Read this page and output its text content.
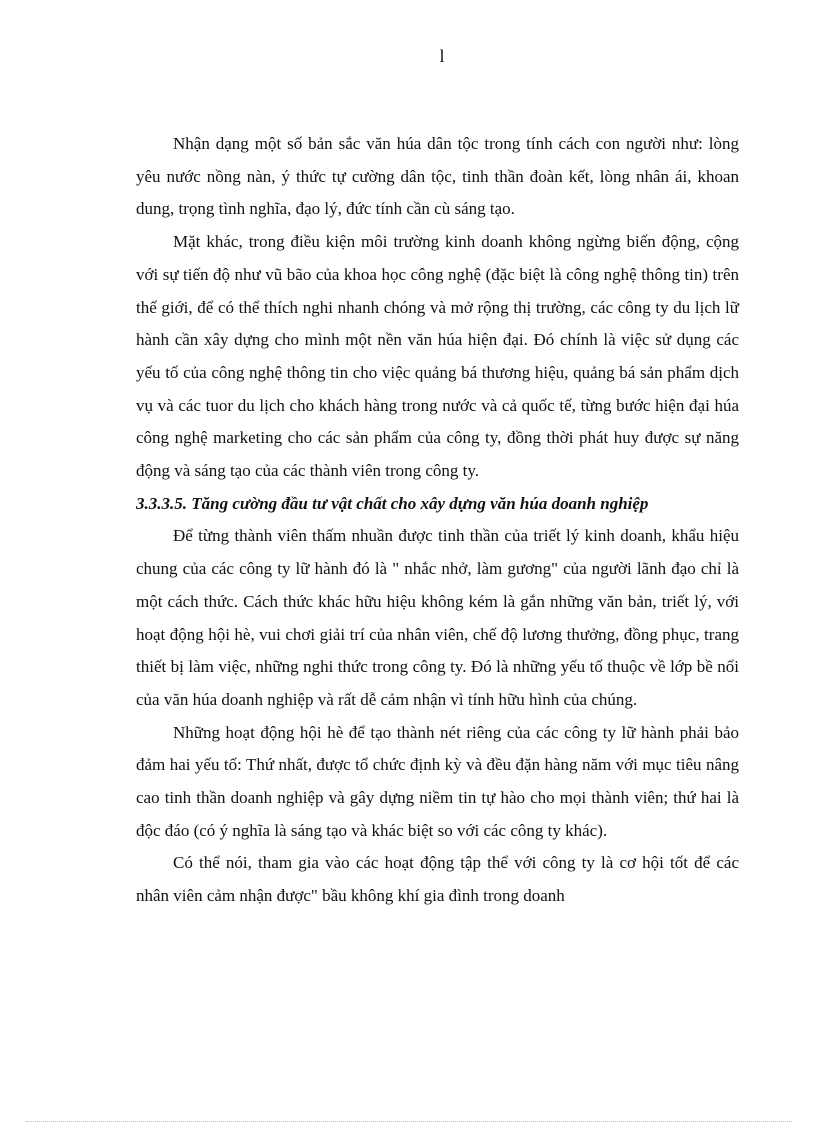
l

Nhận dạng một số bản sắc văn húa dân tộc trong tính cách con người như: lòng yêu nước nồng nàn, ý thức tự cường dân tộc, tinh thần đoàn kết, lòng nhân ái, khoan dung, trọng tình nghĩa, đạo lý, đức tính cần cù sáng tạo.

Mặt khác, trong điều kiện môi trường kinh doanh không ngừng biến động, cộng với sự tiến độ như vũ bão của khoa học công nghệ (đặc biệt là công nghệ thông tin) trên thế giới, để có thể thích nghi nhanh chóng và mở rộng thị trường, các công ty du lịch lữ hành cần xây dựng cho mình một nền văn húa hiện đại. Đó chính là việc sử dụng các yếu tố của công nghệ thông tin cho việc quảng bá thương hiệu, quảng bá sản phẩm dịch vụ và các tuor du lịch cho khách hàng trong nước và cả quốc tế, từng bước hiện đại húa công nghệ marketing cho các sản phẩm của công ty, đồng thời phát huy được sự năng động và sáng tạo của các thành viên trong công ty.

3.3.3.5. Tăng cường đầu tư vật chất cho xây dựng văn húa doanh nghiệp

Để từng thành viên thấm nhuần được tinh thần của triết lý kinh doanh, khẩu hiệu chung của các công ty lữ hành đó là " nhắc nhở, làm gương" của người lãnh đạo chỉ là một cách thức. Cách thức khác hữu hiệu không kém là gắn những văn bản, triết lý, với hoạt động hội hè, vui chơi giải trí của nhân viên, chế độ lương thưởng, đồng phục, trang thiết bị làm việc, những nghi thức trong công ty. Đó là những yếu tố thuộc về lớp bề nổi của văn húa doanh nghiệp và rất dễ cảm nhận vì tính hữu hình của chúng.

Những hoạt động hội hè để tạo thành nét riêng của các công ty lữ hành phải bảo đảm hai yếu tố: Thứ nhất, được tổ chức định kỳ và đều đặn hàng năm với mục tiêu nâng cao tinh thần doanh nghiệp và gây dựng niềm tin tự hào cho mọi thành viên; thứ hai là độc đáo (có ý nghĩa là sáng tạo và khác biệt so với các công ty khác).

Có thể nói, tham gia vào các hoạt động tập thể với công ty là cơ hội tốt để các nhân viên cảm nhận được" bầu không khí gia đình trong doanh
